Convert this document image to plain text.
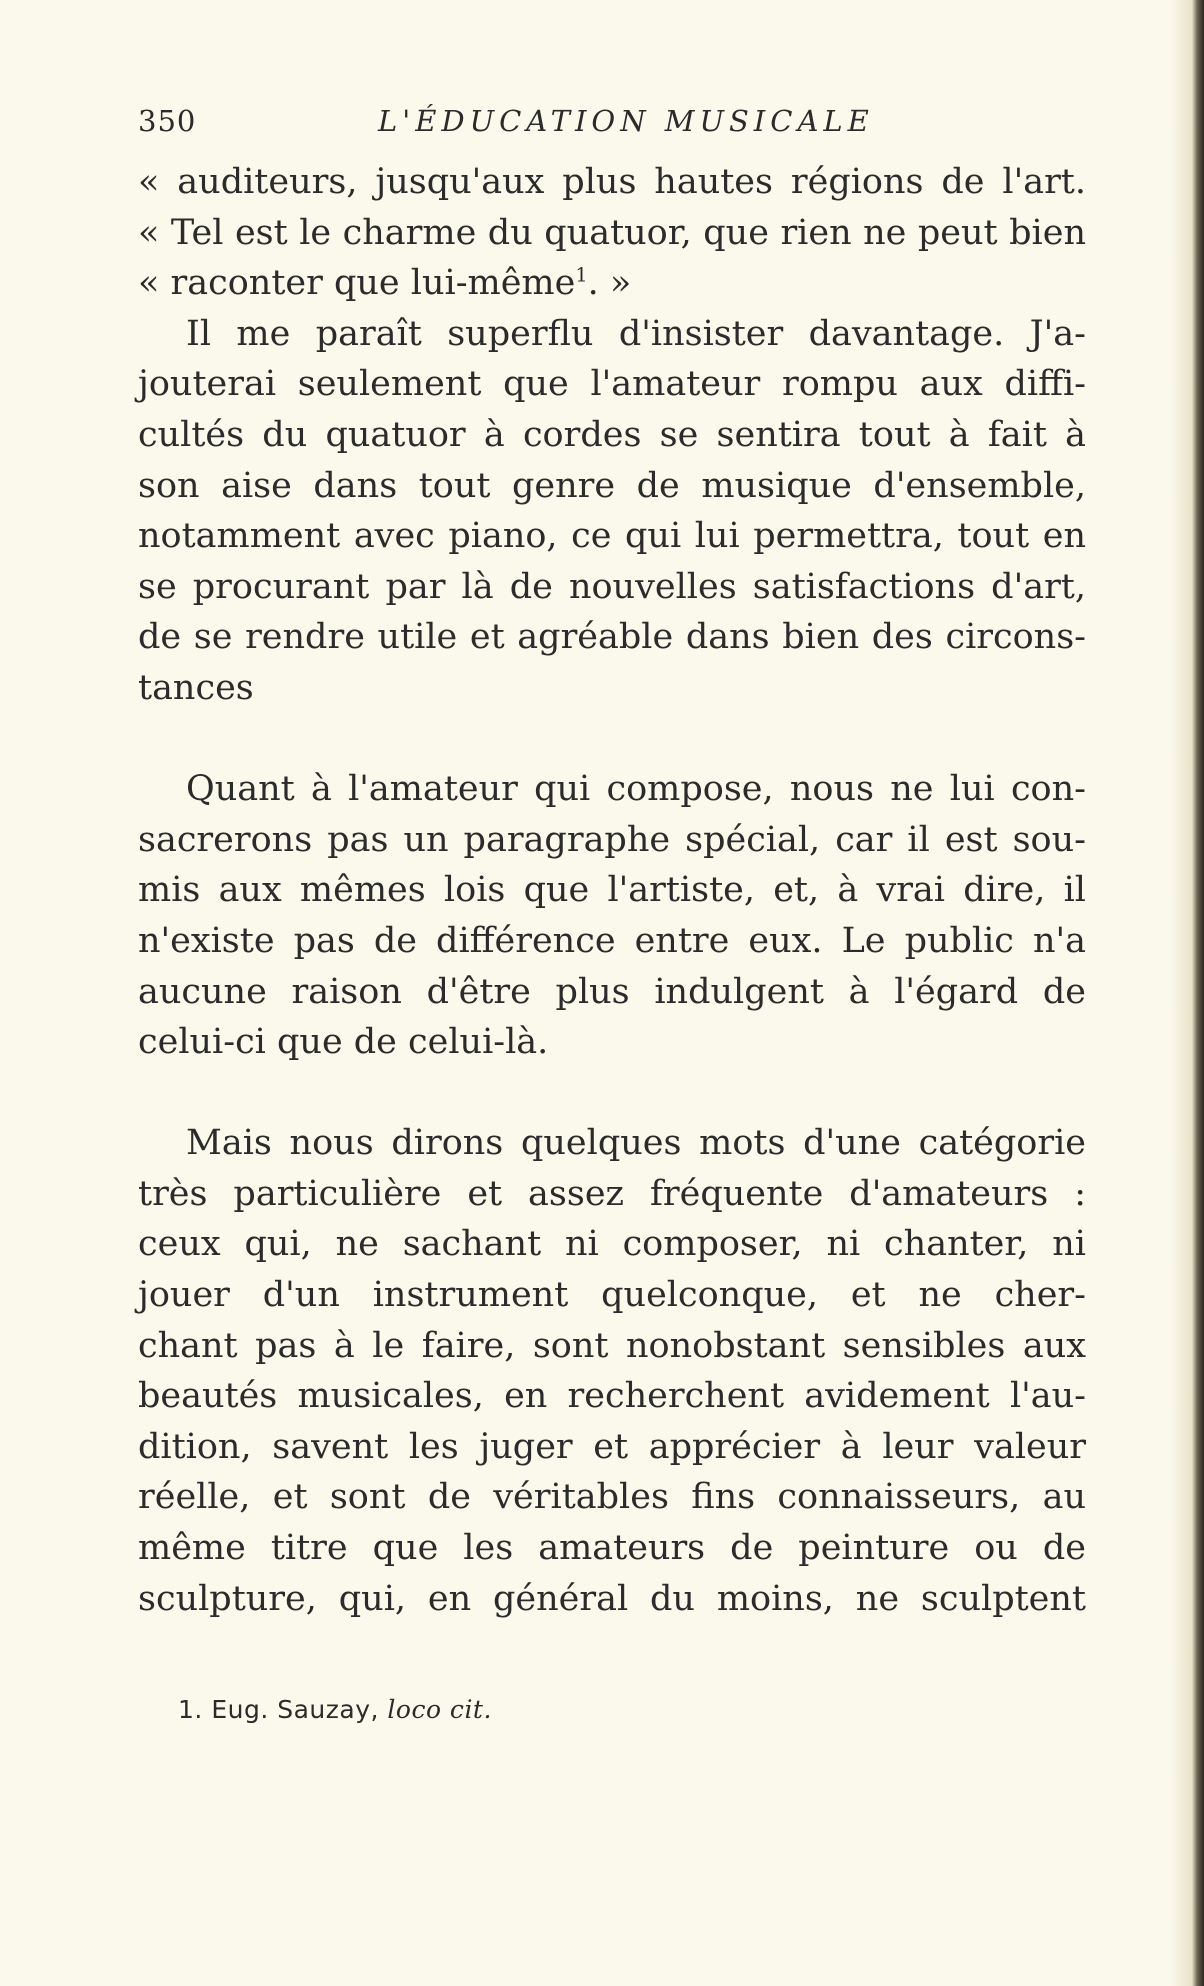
350	L'ÉDUCATION MUSICALE
« auditeurs, jusqu'aux plus hautes régions de l'art.
« Tel est le charme du quatuor, que rien ne peut bien
« raconter que lui-même$^1$. »
Il me paraît superflu d'insister davantage. J'a-
jouterai seulement que l'amateur rompu aux diffi-
cultés du quatuor à cordes se sentira tout à fait à
son aise dans tout genre de musique d'ensemble,
notamment avec piano, ce qui lui permettra, tout en
se procurant par là de nouvelles satisfactions d'art,
de se rendre utile et agréable dans bien des circons-
tances
Quant à l'amateur qui compose, nous ne lui con-
sacrerons pas un paragraphe spécial, car il est sou-
mis aux mêmes lois que l'artiste, et, à vrai dire, il
n'existe pas de différence entre eux. Le public n'a
aucune raison d'être plus indulgent à l'égard de
celui-ci que de celui-là.
Mais nous dirons quelques mots d'une catégorie
très particulière et assez fréquente d'amateurs :
ceux qui, ne sachant ni composer, ni chanter, ni
jouer d'un instrument quelconque, et ne cher-
chant pas à le faire, sont nonobstant sensibles aux
beautés musicales, en recherchent avidement l'au-
dition, savent les juger et apprécier à leur valeur
réelle, et sont de véritables fins connaisseurs, au
même titre que les amateurs de peinture ou de
sculpture, qui, en général du moins, ne sculptent
1. Eug. Sauzay, loco cit.
